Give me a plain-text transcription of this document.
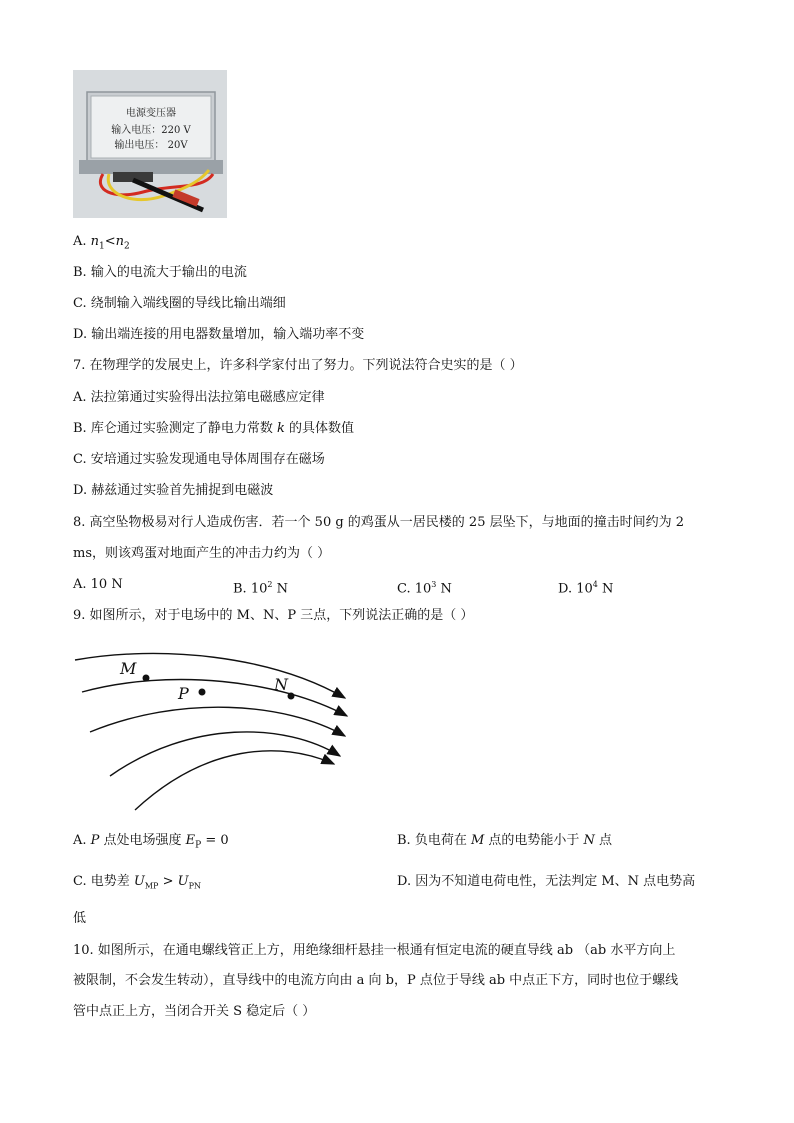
电源变压器
输入电压：220 V
输出电压： 20V
A. $n_1<n_2$
B. 输入的电流大于输出的电流
C. 绕制输入端线圈的导线比输出端细
D. 输出端连接的用电器数量增加，输入端功率不变
7. 在物理学的发展史上，许多科学家付出了努力。下列说法符合史实的是（ ）
A. 法拉第通过实验得出法拉第电磁感应定律
B. 库仑通过实验测定了静电力常数 k 的具体数值
C. 安培通过实验发现通电导体周围存在磁场
D. 赫兹通过实验首先捕捉到电磁波
8. 高空坠物极易对行人造成伤害．若一个 50 g 的鸡蛋从一居民楼的 25 层坠下，与地面的撞击时间约为 2
ms，则该鸡蛋对地面产生的冲击力约为（ ）
A. 10 N	B. $10^2$ N	C. $10^3$ N	D. $10^4$ N
9. 如图所示，对于电场中的 M、N、P 三点，下列说法正确的是（ ）
M
P	N
A. P 点处电场强度 $E_P = 0$	B. 负电荷在 M 点的电势能小于 N 点
C. 电势差 $U_{MP} > U_{PN}$	D. 因为不知道电荷电性，无法判定 M、N 点电势高
低
10. 如图所示，在通电螺线管正上方，用绝缘细杆悬挂一根通有恒定电流的硬直导线 ab （ab 水平方向上
被限制，不会发生转动），直导线中的电流方向由 a 向 b，P 点位于导线 ab 中点正下方，同时也位于螺线
管中点正上方，当闭合开关 S 稳定后（ ）
